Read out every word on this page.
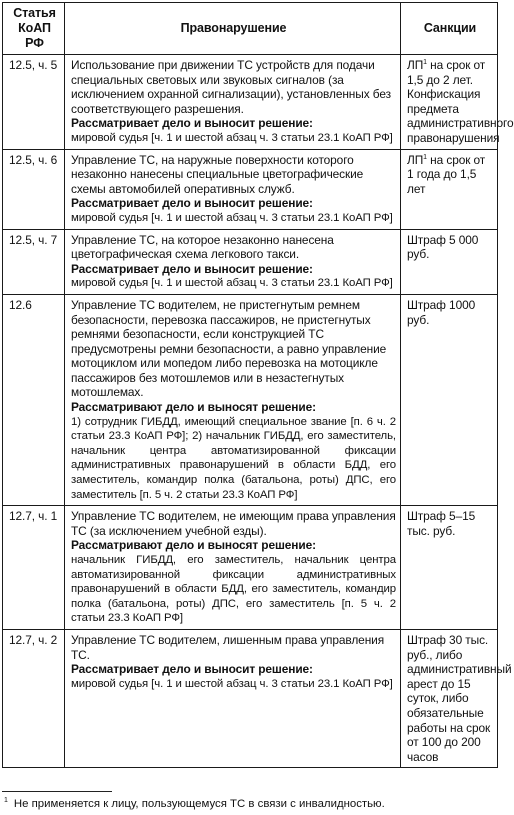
Статья КоАП РФ	Правонарушение	Санкции
12.5, ч. 5	Использование при движении ТС устройств для подачи специальных световых или звуковых сигналов (за исключением охранной сигнализации), установленных без соответствующего разрешения.
Рассматривает дело и выносит решение:
мировой судья [ч. 1 и шестой абзац ч. 3 статьи 23.1 КоАП РФ]	$ЛП^1$ на срок от 1,5 до 2 лет. Конфискация предмета административного правонарушения
12.5, ч. 6	Управление ТС, на наружные поверхности которого незаконно нанесены специальные цветографические схемы автомобилей оперативных служб.
Рассматривает дело и выносит решение:
мировой судья [ч. 1 и шестой абзац ч. 3 статьи 23.1 КоАП РФ]	$ЛП^1$ на срок от 1 года до 1,5 лет
12.5, ч. 7	Управление ТС, на которое незаконно нанесена цветографическая схема легкового такси.
Рассматривает дело и выносит решение:
мировой судья [ч. 1 и шестой абзац ч. 3 статьи 23.1 КоАП РФ]	Штраф 5 000 руб.
12.6	Управление ТС водителем, не пристегнутым ремнем безопасности, перевозка пассажиров, не пристегнутых ремнями безопасности, если конструкцией ТС предусмотрены ремни безопасности, а равно управление мотоциклом или мопедом либо перевозка на мотоцикле пассажиров без мотошлемов или в незастегнутых мотошлемах.
Рассматривают дело и выносят решение:
1) сотрудник ГИБДД, имеющий специальное звание [п. 6 ч. 2 статьи 23.3 КоАП РФ]; 2) начальник ГИБДД, его заместитель, начальник центра автоматизированной фиксации административных правонарушений в области БДД, его заместитель, командир полка (батальона, роты) ДПС, его заместитель [п. 5 ч. 2 статьи 23.3 КоАП РФ]	Штраф 1000 руб.
12.7, ч. 1	Управление ТС водителем, не имеющим права управления ТС (за исключением учебной езды).
Рассматривают дело и выносят решение:
начальник ГИБДД, его заместитель, начальник центра автоматизированной фиксации административных правонарушений в области БДД, его заместитель, командир полка (батальона, роты) ДПС, его заместитель [п. 5 ч. 2 статьи 23.3 КоАП РФ]	Штраф 5–15 тыс. руб.
12.7, ч. 2	Управление ТС водителем, лишенным права управления ТС.
Рассматривает дело и выносит решение:
мировой судья [ч. 1 и шестой абзац ч. 3 статьи 23.1 КоАП РФ]	Штраф 30 тыс. руб., либо административный арест до 15 суток, либо обязательные работы на срок от 100 до 200 часов
$^1$ Не применяется к лицу, пользующемуся ТС в связи с инвалидностью.
